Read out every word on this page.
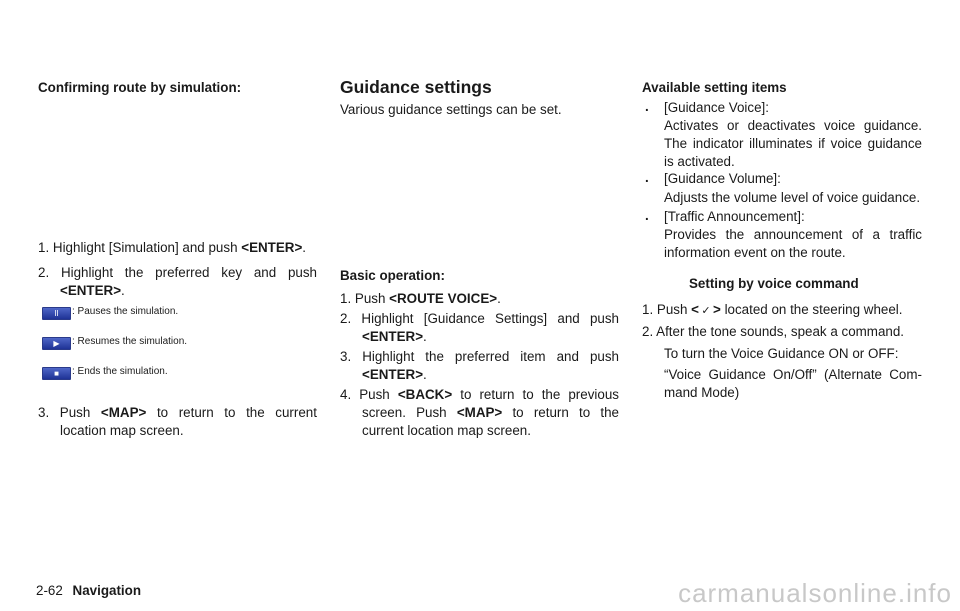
Confirming route by simulation:
1. Highlight [Simulation] and push <ENTER>.
2. Highlight the preferred key and push
<ENTER>.
II	: Pauses the simulation.
▶	: Resumes the simulation.
■	: Ends the simulation.
3. Push <MAP> to return to the current
location map screen.
Guidance settings
Various guidance settings can be set.
Basic operation:
1. Push <ROUTE VOICE>.
2. Highlight [Guidance Settings] and push
<ENTER>.
3. Highlight the preferred item and push
<ENTER>.
4. Push <BACK> to return to the previous
screen. Push <MAP> to return to the
current location map screen.
Available setting items
. [Guidance Voice]:
Activates or deactivates voice guidance. The indicator illuminates if voice guidance is activated.
. [Guidance Volume]:
Adjusts the volume level of voice guidance.
. [Traffic Announcement]:
Provides the announcement of a traffic information event on the route.
Setting by voice command
1. Push < ✓ > located on the steering wheel.
2. After the tone sounds, speak a command.
To turn the Voice Guidance ON or OFF:
“Voice Guidance On/Off” (Alternate Com- mand Mode)
2-62 Navigation	carmanualsonline.info
